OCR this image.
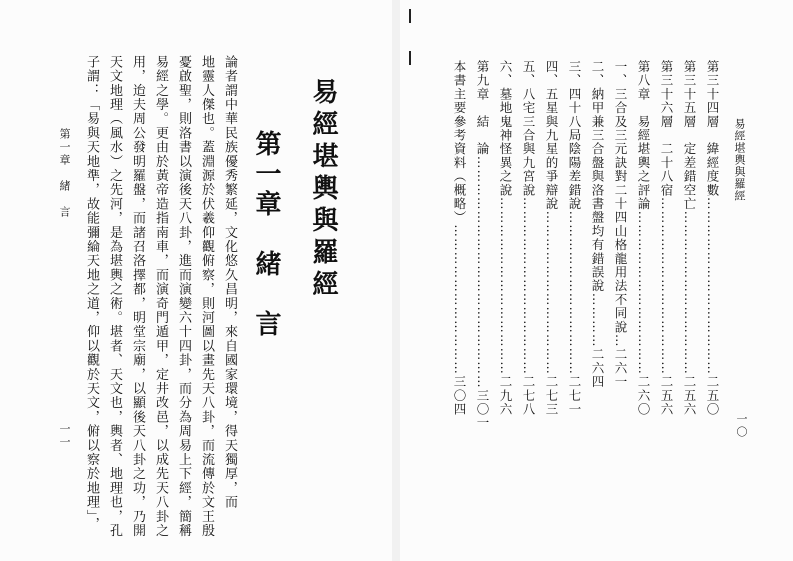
易經堪輿與羅經
第一章　緒　言
論者謂中華民族優秀繁延，文化悠久昌明，來自國家環境，得天獨厚，而
地靈人傑也。蓋淵源於伏羲仰觀俯察，則河圖以畫先天八卦，而流傳於文王殷
憂啟聖，則洛書以演後天八卦，進而演變六十四卦，而分為周易上下經，簡稱
易經之學。更由於黃帝造指南車，而演奇門遁甲，定井改邑，以成先天八卦之
用，迨夫周公發明羅盤，而諸召洛擇都，明堂宗廟，以顯後天八卦之功，乃開
天文地理（風水）之先河，是為堪輿之術。堪者、天文也，輿者、地理也，孔
子謂：「易與天地準，故能彌綸天地之道，仰以觀於天文，俯以察於地理」，
第一章　緒　言
一一
易經堪輿與羅經
一〇
第三十四層　緯經度數…………………………………二五〇
第三十五層　定差錯空亡………………………………二五六
第三十六層　二十八宿…………………………………二五六
第八章　易經堪輿之評論………………………………二六〇
一、三合及三元訣對二十四山格龍用法不同說…二六一
二、納甲兼三合盤與洛書盤均有錯誤說…………二六四
三、四十八局陰陽差錯說………………………………二七一
四、五星與九星的爭辯說………………………………二七三
五、八宅三合與九宮說…………………………………二七八
六、墓地鬼神怪異之說…………………………………二九六
第九章　結　論……………………………………………三〇一
本書主要參考資料（概略）……………………………三〇四
